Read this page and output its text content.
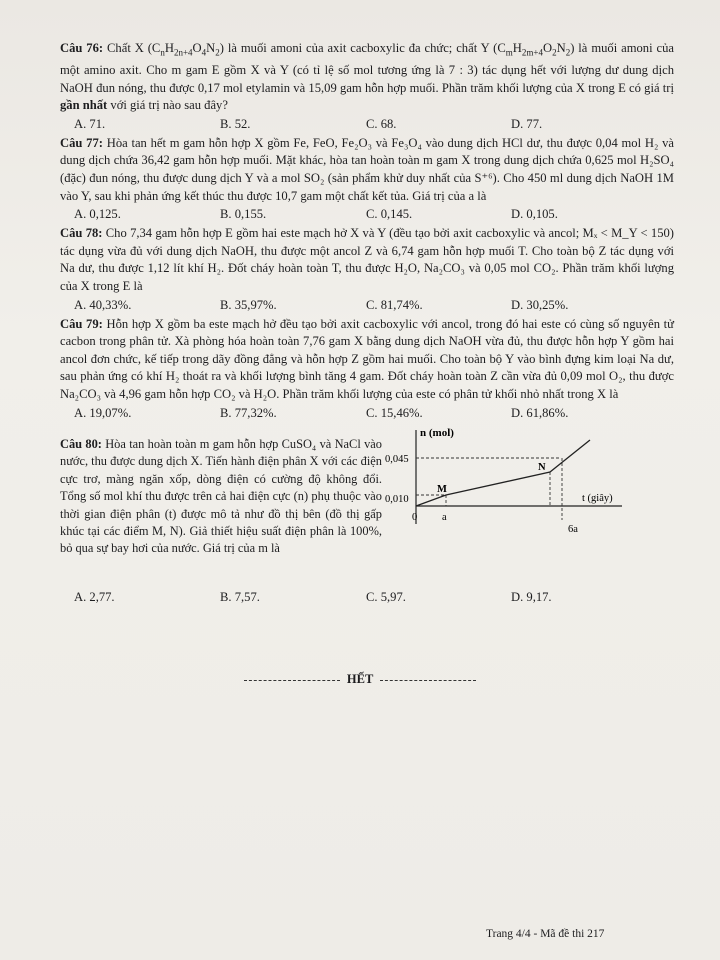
Câu 76: Chất X $(C_nH_{2n+4}O_4N_2)$ là muối amoni của axit cacboxylic đa chức; chất Y $(C_mH_{2m+4}O_2N_2)$ là muối amoni của một amino axit. Cho m gam E gồm X và Y (có tỉ lệ số mol tương ứng là 7 : 3) tác dụng hết với lượng dư dung dịch NaOH đun nóng, thu được 0,17 mol etylamin và 15,09 gam hỗn hợp muối. Phần trăm khối lượng của X trong E có giá trị gần nhất với giá trị nào sau đây?

A. 71.	B. 52.	C. 68.	D. 77.

Câu 77: Hòa tan hết m gam hỗn hợp X gồm Fe, FeO, Fe₂O₃ và Fe₃O₄ vào dung dịch HCl dư, thu được 0,04 mol H₂ và dung dịch chứa 36,42 gam hỗn hợp muối. Mặt khác, hòa tan hoàn toàn m gam X trong dung dịch chứa 0,625 mol H₂SO₄ (đặc) đun nóng, thu được dung dịch Y và a mol SO₂ (sản phẩm khử duy nhất của S⁺⁶). Cho 450 ml dung dịch NaOH 1M vào Y, sau khi phản ứng kết thúc thu được 10,7 gam một chất kết tủa. Giá trị của a là

A. 0,125.	B. 0,155.	C. 0,145.	D. 0,105.

Câu 78: Cho 7,34 gam hỗn hợp E gồm hai este mạch hở X và Y (đều tạo bởi axit cacboxylic và ancol; Mₓ < M_Y < 150) tác dụng vừa đủ với dung dịch NaOH, thu được một ancol Z và 6,74 gam hỗn hợp muối T. Cho toàn bộ Z tác dụng với Na dư, thu được 1,12 lít khí H₂. Đốt cháy hoàn toàn T, thu được H₂O, Na₂CO₃ và 0,05 mol CO₂. Phần trăm khối lượng của X trong E là

A. 40,33%.	B. 35,97%.	C. 81,74%.	D. 30,25%.

Câu 79: Hỗn hợp X gồm ba este mạch hở đều tạo bởi axit cacboxylic với ancol, trong đó hai este có cùng số nguyên tử cacbon trong phân tử. Xà phòng hóa hoàn toàn 7,76 gam X bằng dung dịch NaOH vừa đủ, thu được hỗn hợp Y gồm hai ancol đơn chức, kế tiếp trong dãy đồng đẳng và hỗn hợp Z gồm hai muối. Cho toàn bộ Y vào bình đựng kim loại Na dư, sau phản ứng có khí H₂ thoát ra và khối lượng bình tăng 4 gam. Đốt cháy hoàn toàn Z cần vừa đủ 0,09 mol O₂, thu được Na₂CO₃ và 4,96 gam hỗn hợp CO₂ và H₂O. Phần trăm khối lượng của este có phân tử khối nhỏ nhất trong X là

A. 19,07%.	B. 77,32%.	C. 15,46%.	D. 61,86%.

Câu 80: Hòa tan hoàn toàn m gam hỗn hợp CuSO₄ và NaCl vào nước, thu được dung dịch X. Tiến hành điện phân X với các điện cực trơ, màng ngăn xốp, dòng điện có cường độ không đổi. Tổng số mol khí thu được trên cả hai điện cực (n) phụ thuộc vào thời gian điện phân (t) được mô tả như đồ thị bên (đồ thị gấp khúc tại các điểm M, N). Giả thiết hiệu suất điện phân là 100%, bỏ qua sự bay hơi của nước. Giá trị của m là

n (mol)
t (giây)
0,045
0,010
0 a
6a
M
N
A. 2,77.	B. 7,57.	C. 5,97.	D. 9,17.
HẾT
Trang 4/4 - Mã đề thi 217
